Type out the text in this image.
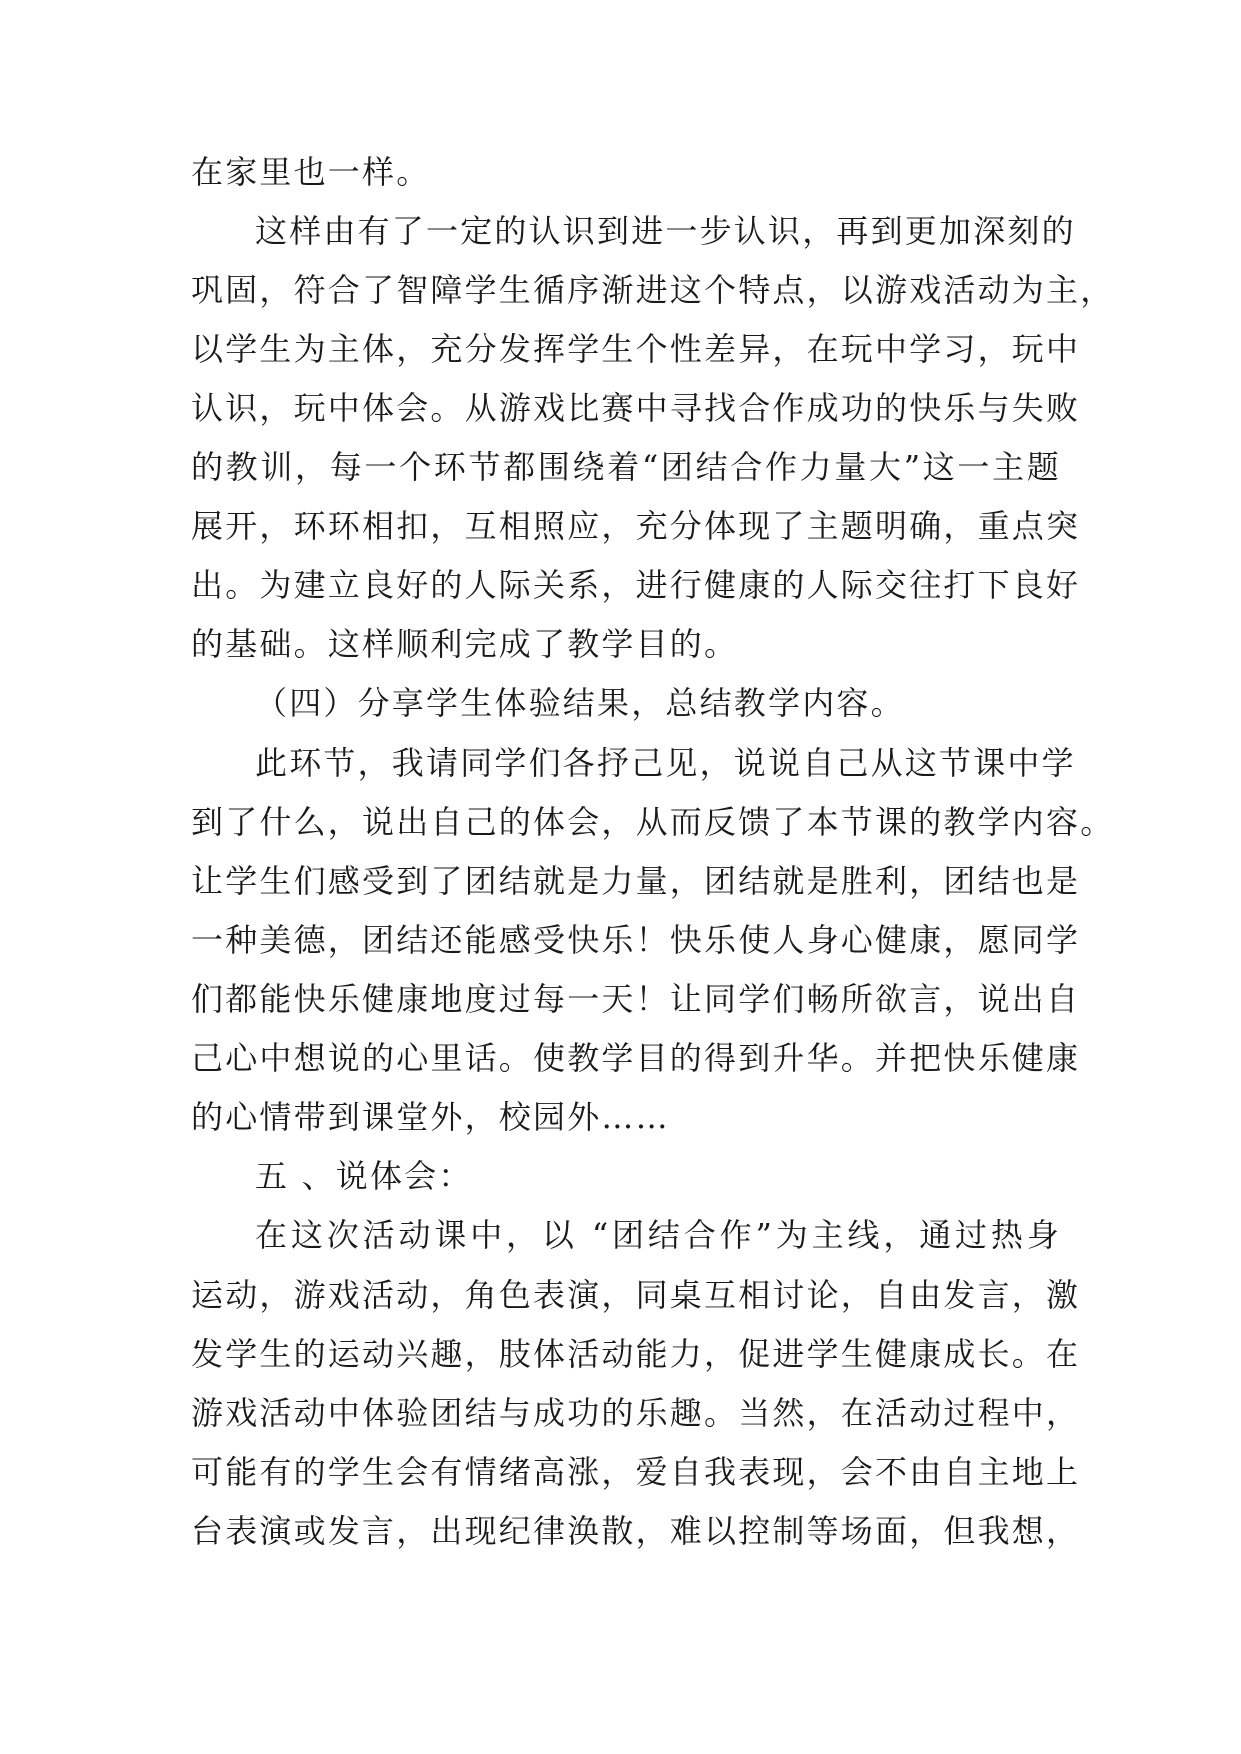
在家里也一样。
这样由有了一定的认识到进一步认识，再到更加深刻的
巩固，符合了智障学生循序渐进这个特点，以游戏活动为主，
以学生为主体，充分发挥学生个性差异，在玩中学习，玩中
认识，玩中体会。从游戏比赛中寻找合作成功的快乐与失败
的教训，每一个环节都围绕着“团结合作力量大”这一主题
展开，环环相扣，互相照应，充分体现了主题明确，重点突
出。为建立良好的人际关系，进行健康的人际交往打下良好
的基础。这样顺利完成了教学目的。
（四）分享学生体验结果，总结教学内容。
此环节，我请同学们各抒己见，说说自己从这节课中学
到了什么，说出自己的体会，从而反馈了本节课的教学内容。
让学生们感受到了团结就是力量，团结就是胜利，团结也是
一种美德，团结还能感受快乐！快乐使人身心健康，愿同学
们都能快乐健康地度过每一天！让同学们畅所欲言，说出自
己心中想说的心里话。使教学目的得到升华。并把快乐健康
的心情带到课堂外，校园外……
五 、说体会：
在这次活动课中，以 “团结合作”为主线，通过热身
运动，游戏活动，角色表演，同桌互相讨论，自由发言，激
发学生的运动兴趣，肢体活动能力，促进学生健康成长。在
游戏活动中体验团结与成功的乐趣。当然，在活动过程中，
可能有的学生会有情绪高涨，爱自我表现，会不由自主地上
台表演或发言，出现纪律涣散，难以控制等场面，但我想，
